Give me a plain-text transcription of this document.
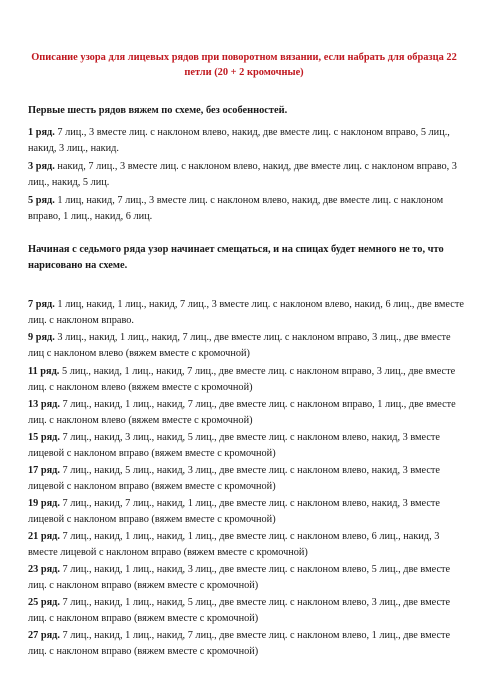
Описание узора для лицевых рядов при поворотном вязании, если набрать для образца 22 петли (20 + 2 кромочные)
Первые шесть рядов вяжем по схеме, без особенностей.
1 ряд. 7 лиц., 3 вместе лиц. с наклоном влево, накид, две вместе лиц. с наклоном вправо, 5 лиц., накид, 3 лиц., накид.
3 ряд. накид, 7 лиц., 3 вместе лиц. с наклоном влево, накид, две вместе лиц. с наклоном вправо, 3 лиц., накид, 5 лиц.
5 ряд. 1 лиц, накид, 7 лиц., 3 вместе лиц. с наклоном влево, накид, две вместе лиц. с наклоном вправо, 1 лиц., накид, 6 лиц.
Начиная с седьмого ряда узор начинает смещаться, и на спицах будет немного не то, что нарисовано на схеме.
7 ряд. 1 лиц, накид, 1 лиц., накид, 7 лиц., 3 вместе лиц. с наклоном влево, накид, 6 лиц., две вместе лиц. с наклоном вправо.
9 ряд. 3 лиц., накид, 1 лиц., накид, 7 лиц., две вместе лиц. с наклоном вправо, 3 лиц., две вместе лиц с наклоном влево (вяжем вместе с кромочной)
11 ряд. 5 лиц., накид, 1 лиц., накид, 7 лиц., две вместе лиц. с наклоном вправо, 3 лиц., две вместе лиц. с наклоном влево (вяжем вместе с кромочной)
13 ряд. 7 лиц., накид, 1 лиц., накид, 7 лиц., две вместе лиц. с наклоном вправо, 1 лиц., две вместе лиц. с наклоном влево (вяжем вместе с кромочной)
15 ряд. 7 лиц., накид, 3 лиц., накид, 5 лиц., две вместе лиц. с наклоном влево, накид, 3 вместе лицевой с наклоном вправо (вяжем вместе с кромочной)
17 ряд. 7 лиц., накид, 5 лиц., накид, 3 лиц., две вместе лиц. с наклоном влево, накид, 3 вместе лицевой с наклоном вправо (вяжем вместе с кромочной)
19 ряд. 7 лиц., накид, 7 лиц., накид, 1 лиц., две вместе лиц. с наклоном влево, накид, 3 вместе лицевой с наклоном вправо (вяжем вместе с кромочной)
21 ряд. 7 лиц., накид, 1 лиц., накид, 1 лиц., две вместе лиц. с наклоном влево, 6 лиц., накид, 3 вместе лицевой с наклоном вправо (вяжем вместе с кромочной)
23 ряд. 7 лиц., накид, 1 лиц., накид, 3 лиц., две вместе лиц. с наклоном влево, 5 лиц., две вместе лиц. с наклоном вправо (вяжем вместе с кромочной)
25 ряд. 7 лиц., накид, 1 лиц., накид, 5 лиц., две вместе лиц. с наклоном влево, 3 лиц., две вместе лиц. с наклоном вправо (вяжем вместе с кромочной)
27 ряд. 7 лиц., накид, 1 лиц., накид, 7 лиц., две вместе лиц. с наклоном влево, 1 лиц., две вместе лиц. с наклоном вправо (вяжем вместе с кромочной)
